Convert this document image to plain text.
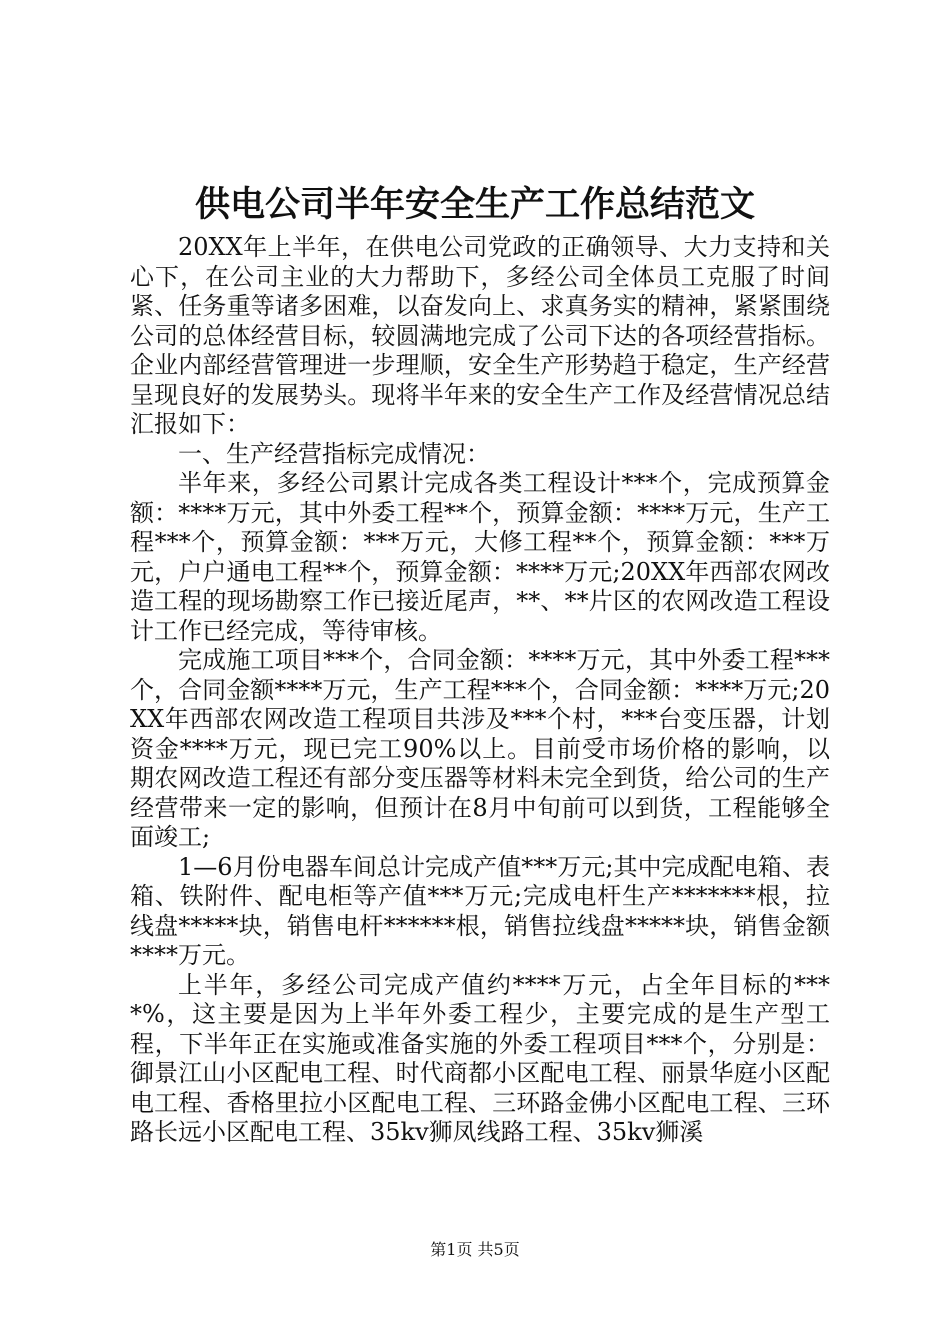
供电公司半年安全生产工作总结范文

20XX年上半年，在供电公司党政的正确领导、大力支持和关心下，在公司主业的大力帮助下，多经公司全体员工克服了时间紧、任务重等诸多困难，以奋发向上、求真务实的精神，紧紧围绕公司的总体经营目标，较圆满地完成了公司下达的各项经营指标。企业内部经营管理进一步理顺，安全生产形势趋于稳定，生产经营呈现良好的发展势头。现将半年来的安全生产工作及经营情况总结汇报如下：

一、生产经营指标完成情况：

半年来，多经公司累计完成各类工程设计***个，完成预算金额：****万元，其中外委工程**个，预算金额：****万元，生产工程***个，预算金额：***万元，大修工程**个，预算金额：***万元，户户通电工程**个，预算金额：****万元;20XX年西部农网改造工程的现场勘察工作已接近尾声，**、**片区的农网改造工程设计工作已经完成，等待审核。

完成施工项目***个，合同金额：****万元，其中外委工程***个，合同金额****万元，生产工程***个，合同金额：****万元;20XX年西部农网改造工程项目共涉及***个村，***台变压器，计划资金****万元，现已完工90%以上。目前受市场价格的影响，以期农网改造工程还有部分变压器等材料未完全到货，给公司的生产经营带来一定的影响，但预计在8月中旬前可以到货，工程能够全面竣工;

1—6月份电器车间总计完成产值***万元;其中完成配电箱、表箱、铁附件、配电柜等产值***万元;完成电杆生产*******根，拉线盘*****块，销售电杆******根，销售拉线盘*****块，销售金额****万元。

上半年，多经公司完成产值约****万元，占全年目标的****%，这主要是因为上半年外委工程少，主要完成的是生产型工程，下半年正在实施或准备实施的外委工程项目***个，分别是：御景江山小区配电工程、时代商都小区配电工程、丽景华庭小区配电工程、香格里拉小区配电工程、三环路金佛小区配电工程、三环路长远小区配电工程、35kv狮凤线路工程、35kv狮溪

第1页 共5页
